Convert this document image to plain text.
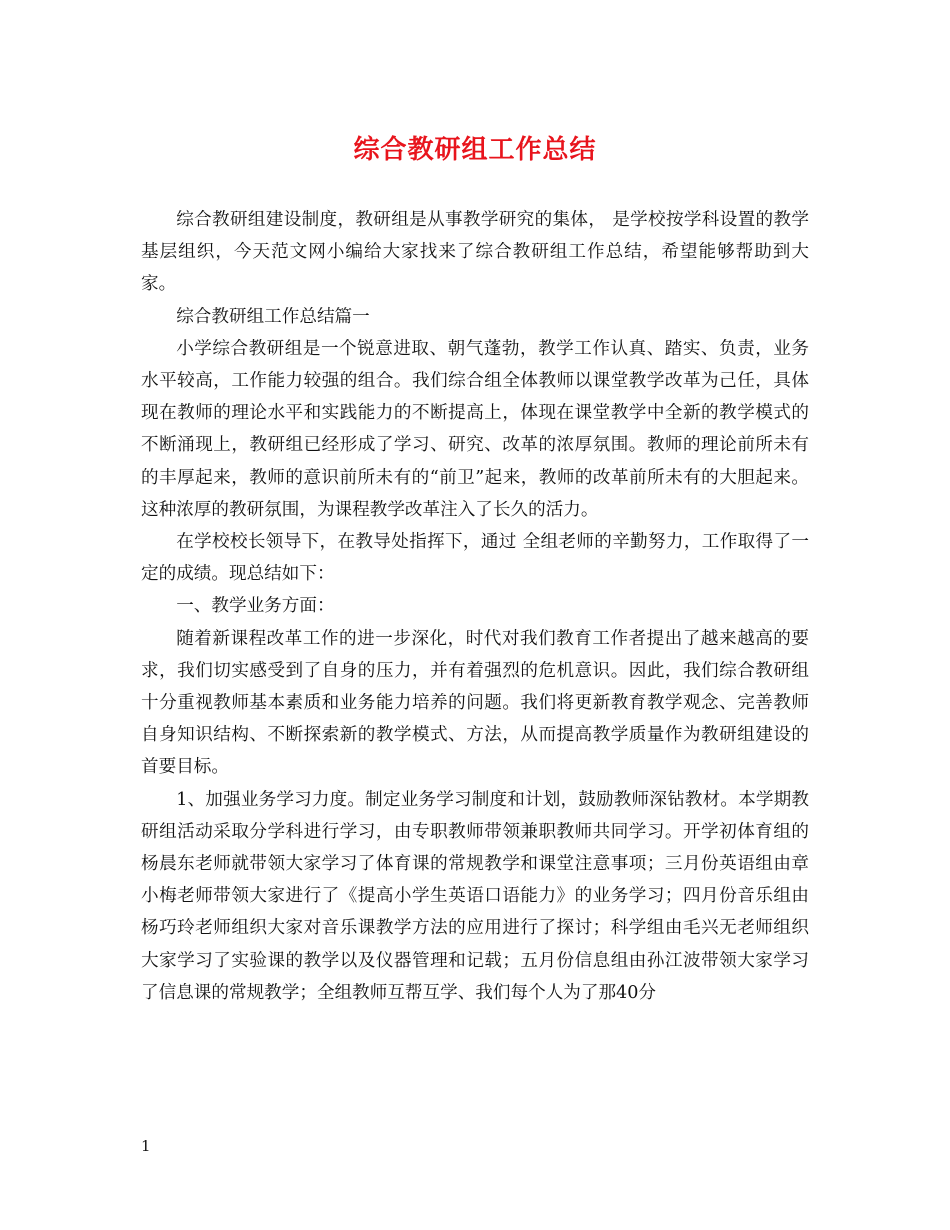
综合教研组工作总结

综合教研组建设制度，教研组是从事教学研究的集体， 是学校按学科设置的教学基层组织，今天范文网小编给大家找来了综合教研组工作总结，希望能够帮助到大家。

综合教研组工作总结篇一

小学综合教研组是一个锐意进取、朝气蓬勃，教学工作认真、踏实、负责，业务水平较高，工作能力较强的组合。我们综合组全体教师以课堂教学改革为己任，具体现在教师的理论水平和实践能力的不断提高上，体现在课堂教学中全新的教学模式的不断涌现上，教研组已经形成了学习、研究、改革的浓厚氛围。教师的理论前所未有的丰厚起来，教师的意识前所未有的“前卫”起来，教师的改革前所未有的大胆起来。这种浓厚的教研氛围，为课程教学改革注入了长久的活力。

在学校校长领导下，在教导处指挥下，通过 全组老师的辛勤努力，工作取得了一定的成绩。现总结如下：

一、教学业务方面：

随着新课程改革工作的进一步深化，时代对我们教育工作者提出了越来越高的要求，我们切实感受到了自身的压力，并有着强烈的危机意识。因此，我们综合教研组十分重视教师基本素质和业务能力培养的问题。我们将更新教育教学观念、完善教师自身知识结构、不断探索新的教学模式、方法，从而提高教学质量作为教研组建设的首要目标。

1、加强业务学习力度。制定业务学习制度和计划，鼓励教师深钻教材。本学期教研组活动采取分学科进行学习，由专职教师带领兼职教师共同学习。开学初体育组的杨晨东老师就带领大家学习了体育课的常规教学和课堂注意事项；三月份英语组由章小梅老师带领大家进行了《提高小学生英语口语能力》的业务学习；四月份音乐组由杨巧玲老师组织大家对音乐课教学方法的应用进行了探讨；科学组由毛兴无老师组织大家学习了实验课的教学以及仪器管理和记载；五月份信息组由孙江波带领大家学习了信息课的常规教学；全组教师互帮互学、我们每个人为了那40分

1
